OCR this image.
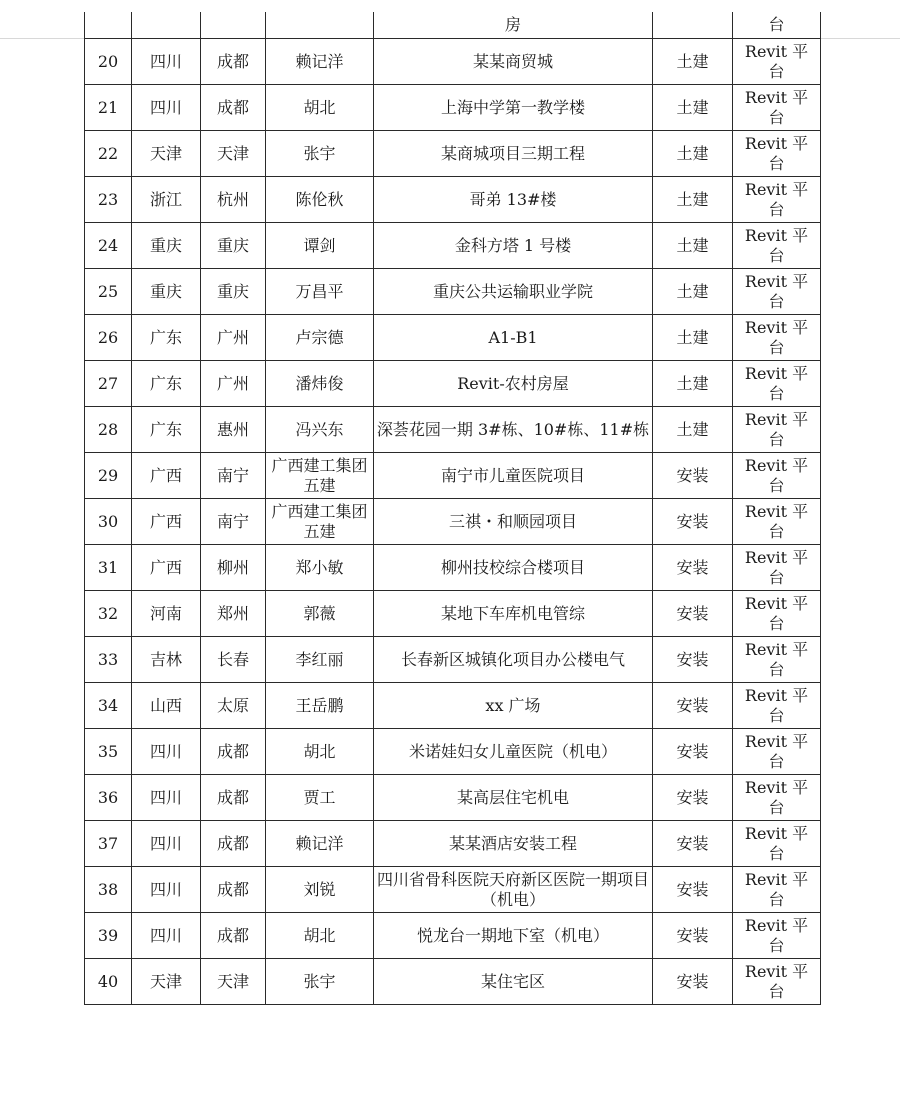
				房		台
20	四川	成都	赖记洋	某某商贸城	土建	Revit 平
台

21	四川	成都	胡北	上海中学第一教学楼	土建	Revit 平
台

22	天津	天津	张宇	某商城项目三期工程	土建	Revit 平
台

23	浙江	杭州	陈伦秋	哥弟 13#楼	土建	Revit 平
台

24	重庆	重庆	谭剑	金科方塔 1 号楼	土建	Revit 平
台

25	重庆	重庆	万昌平	重庆公共运输职业学院	土建	Revit 平
台

26	广东	广州	卢宗德	A1-B1	土建	Revit 平
台

27	广东	广州	潘炜俊	Revit-农村房屋	土建	Revit 平
台

28	广东	惠州	冯兴东	深荟花园一期 3#栋、10#栋、11#栋	土建	Revit 平
台

29	广西	南宁	广西建工集团五建	南宁市儿童医院项目	安装	Revit 平
台

30	广西	南宁	广西建工集团五建	三祺・和顺园项目	安装	Revit 平
台

31	广西	柳州	郑小敏	柳州技校综合楼项目	安装	Revit 平
台

32	河南	郑州	郭薇	某地下车库机电管综	安装	Revit 平
台

33	吉林	长春	李红丽	长春新区城镇化项目办公楼电气	安装	Revit 平
台

34	山西	太原	王岳鹏	xx 广场	安装	Revit 平
台

35	四川	成都	胡北	米诺娃妇女儿童医院（机电）	安装	Revit 平
台

36	四川	成都	贾工	某高层住宅机电	安装	Revit 平
台

37	四川	成都	赖记洋	某某酒店安装工程	安装	Revit 平
台

38	四川	成都	刘锐	四川省骨科医院天府新区医院一期项目（机电）	安装	Revit 平
台

39	四川	成都	胡北	悦龙台一期地下室（机电）	安装	Revit 平
台

40	天津	天津	张宇	某住宅区	安装	Revit 平
台
